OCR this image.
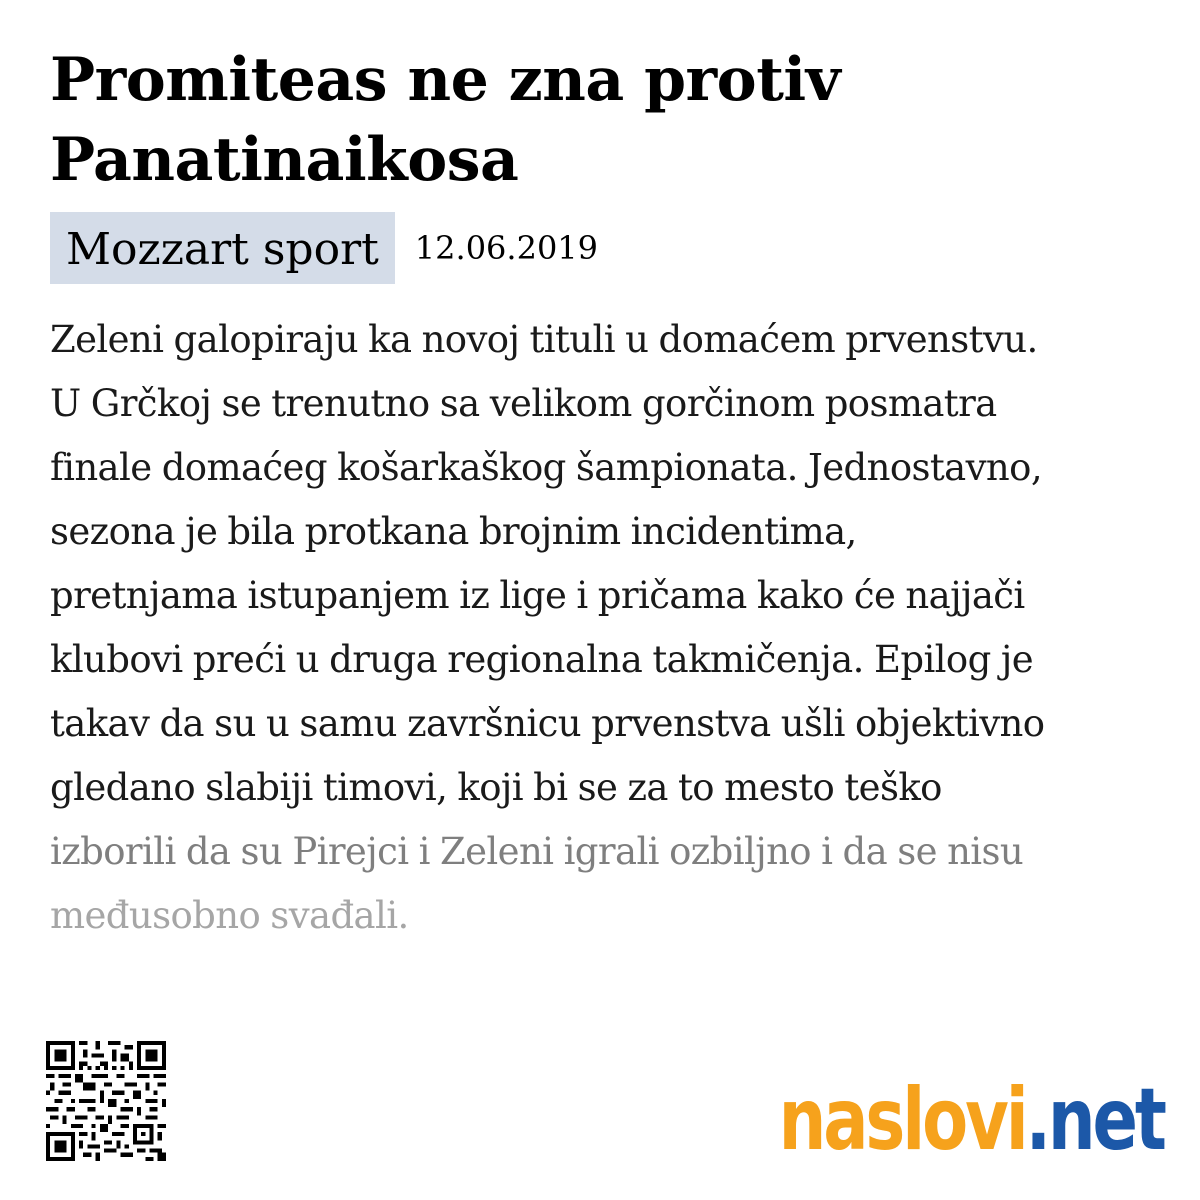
Promiteas ne zna protiv
Panatinaikosa
Mozzart sport	12.06.2019
Zeleni galopiraju ka novoj tituli u domaćem prvenstvu.
U Grčkoj se trenutno sa velikom gorčinom posmatra
finale domaćeg košarkaškog šampionata. Jednostavno,
sezona je bila protkana brojnim incidentima,
pretnjama istupanjem iz lige i pričama kako će najjači
klubovi preći u druga regionalna takmičenja. Epilog je
takav da su u samu završnicu prvenstva ušli objektivno
gledano slabiji timovi, koji bi se za to mesto teško
izborili da su Pirejci i Zeleni igrali ozbiljno i da se nisu
međusobno svađali.
naslovi.net
